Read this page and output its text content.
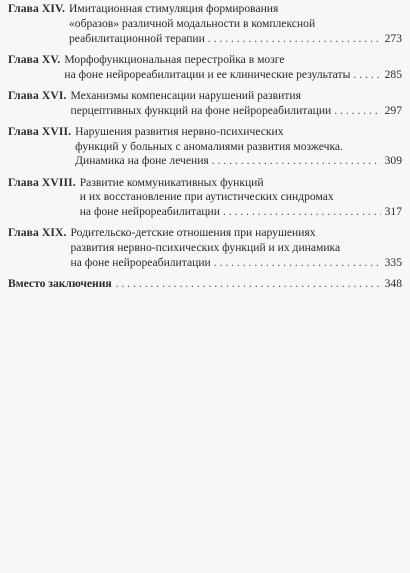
Глава XIV. Имитационная стимуляция формирования
«образов» различной модальности в комплексной
реабилитационной терапии . . .	273
Глава XV. Морфофункциональная перестройка в мозге
на фоне нейрореабилитации и ее клинические результаты . . .	285
Глава XVI. Механизмы компенсации нарушений развития
перцептивных функций на фоне нейрореабилитации . . .	297
Глава XVII. Нарушения развития нервно-психических
функций у больных с аномалиями развития мозжечка.
Динамика на фоне лечения . . .	309
Глава XVIII. Развитие коммуникативных функций
и их восстановление при аутистических синдромах
на фоне нейрореабилитации . . .	317
Глава XIX. Родительско-детские отношения при нарушениях
развития нервно-психических функций и их динамика
на фоне нейрореабилитации . . .	335
Вместо заключения . . .	348
